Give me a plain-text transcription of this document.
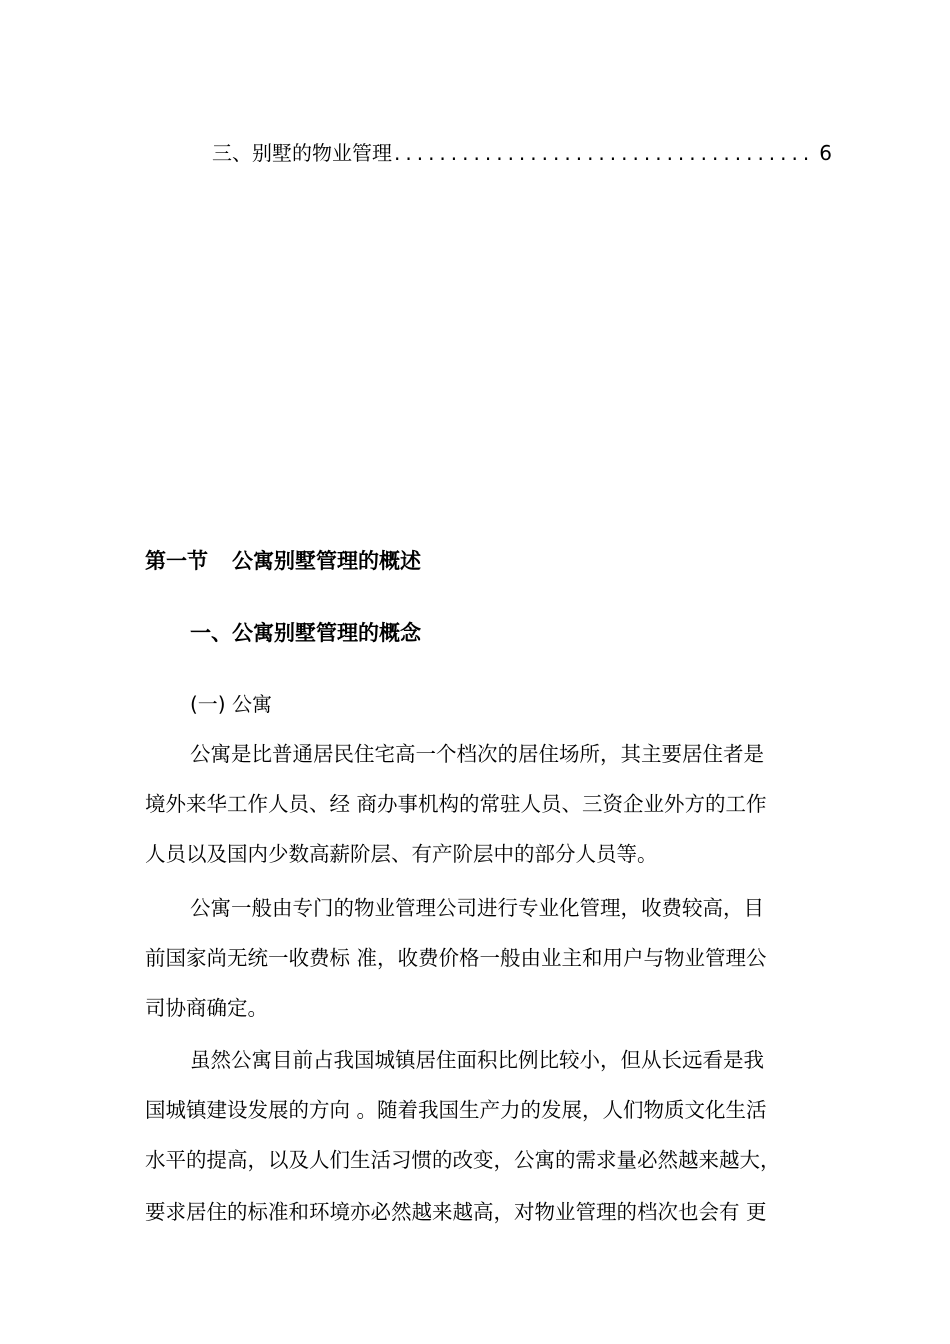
三、别墅的物业管理
.....	6
第一节 公寓别墅管理的概述
一、公寓别墅管理的概念
(一) 公寓
公寓是比普通居民住宅高一个档次的居住场所，其主要居住者是
境外来华工作人员、经 商办事机构的常驻人员、三资企业外方的工作
人员以及国内少数高薪阶层、有产阶层中的部分人员等。
公寓一般由专门的物业管理公司进行专业化管理，收费较高，目
前国家尚无统一收费标 准，收费价格一般由业主和用户与物业管理公
司协商确定。
虽然公寓目前占我国城镇居住面积比例比较小，但从长远看是我
国城镇建设发展的方向 。随着我国生产力的发展，人们物质文化生活
水平的提高，以及人们生活习惯的改变，公寓的需求量必然越来越大，
要求居住的标准和环境亦必然越来越高，对物业管理的档次也会有 更
